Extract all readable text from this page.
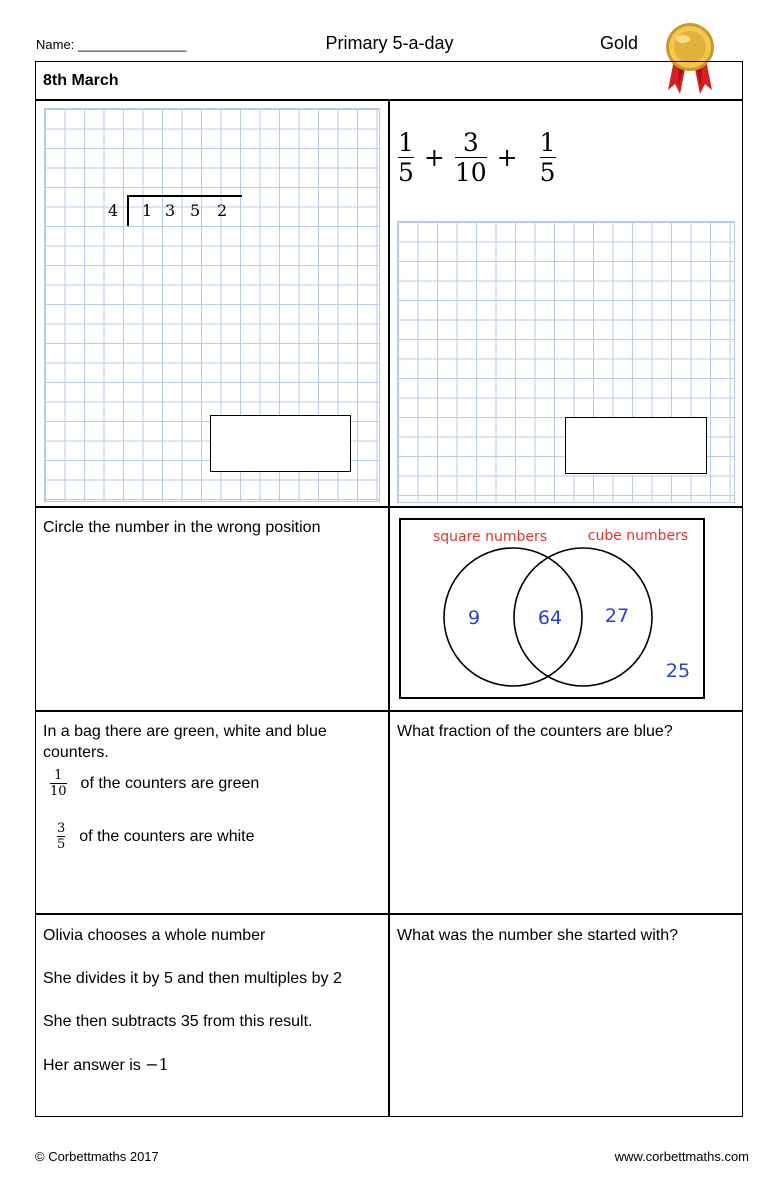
Name: _______________	Primary 5-a-day	Gold
8th March
4 1 3 5 2
$\frac{1}{5} + \frac{3}{10} + \frac{1}{5}$
Circle the number in the wrong position
square numbers	cube numbers
9	64 27
25
In a bag there are green, white and blue counters.
$\frac{1}{10}$ of the counters are green
$\frac{3}{5}$ of the counters are white
What fraction of the counters are blue?
Olivia chooses a whole number
She divides it by 5 and then multiples by 2
She then subtracts 35 from this result.
Her answer is −1
What was the number she started with?
© Corbettmaths 2017	www.corbettmaths.com
